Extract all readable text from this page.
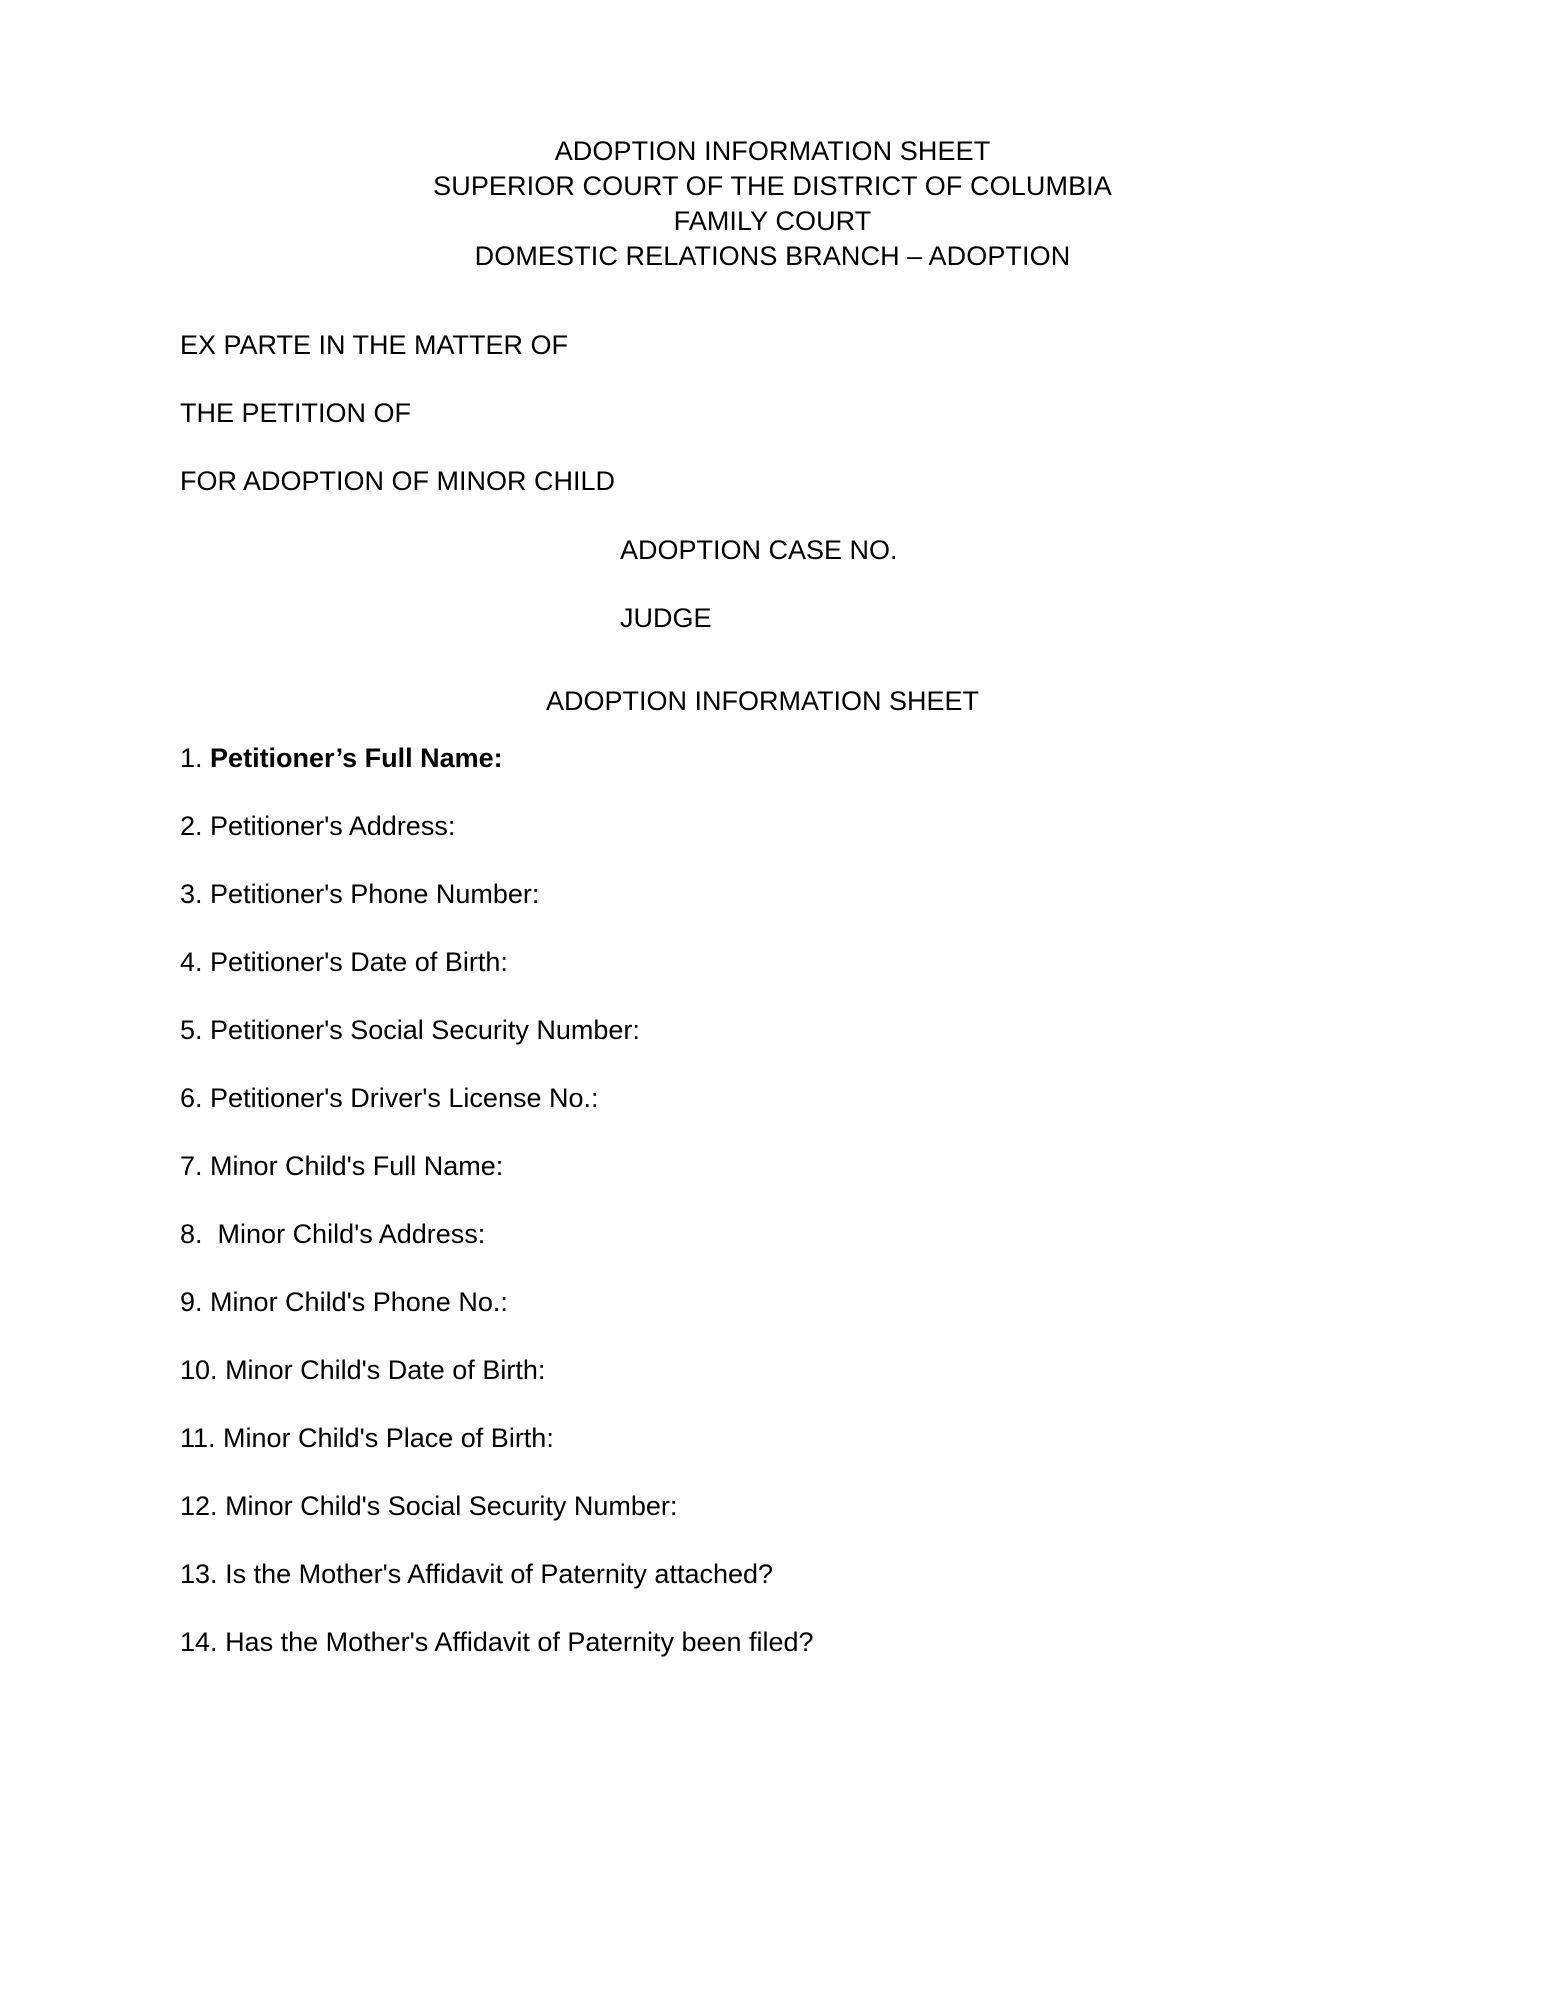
ADOPTION INFORMATION SHEET
SUPERIOR COURT OF THE DISTRICT OF COLUMBIA
FAMILY COURT
DOMESTIC RELATIONS BRANCH – ADOPTION
EX PARTE IN THE MATTER OF
THE PETITION OF
FOR ADOPTION OF MINOR CHILD
ADOPTION CASE NO.
JUDGE
ADOPTION INFORMATION SHEET
1. Petitioner’s Full Name:
2. Petitioner's Address:
3. Petitioner's Phone Number:
4. Petitioner's Date of Birth:
5. Petitioner's Social Security Number:
6. Petitioner's Driver's License No.:
7. Minor Child's Full Name:
8.  Minor Child's Address:
9. Minor Child's Phone No.:
10. Minor Child's Date of Birth:
11. Minor Child's Place of Birth:
12. Minor Child's Social Security Number:
13. Is the Mother's Affidavit of Paternity attached?
14. Has the Mother's Affidavit of Paternity been filed?
